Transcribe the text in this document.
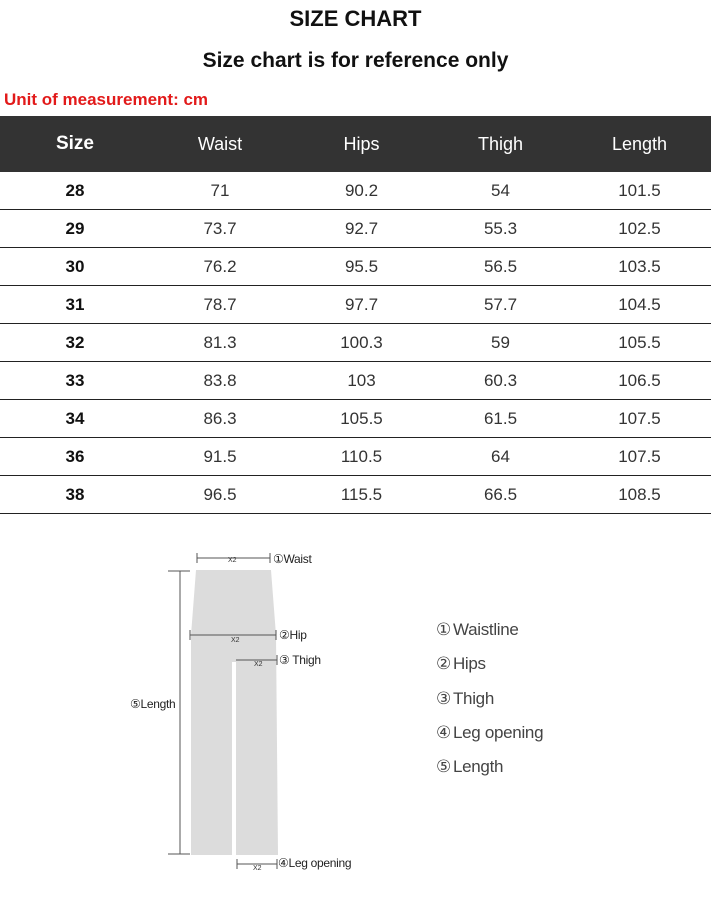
SIZE CHART
Size chart is for reference only
Unit of measurement: cm
Size	Waist	Hips	Thigh	Length
28	71	90.2	54	101.5
29	73.7	92.7	55.3	102.5
30	76.2	95.5	56.5	103.5
31	78.7	97.7	57.7	104.5
32	81.3	100.3	59	105.5
33	83.8	103	60.3	106.5
34	86.3	105.5	61.5	107.5
36	91.5	110.5	64	107.5
38	96.5	115.5	66.5	108.5
X2
X2
X2
X2
①Waist
②Hip
③ Thigh
⑤Length
④Leg opening
① Waistline
② Hips
③ Thigh
④ Leg opening
⑤ Length
